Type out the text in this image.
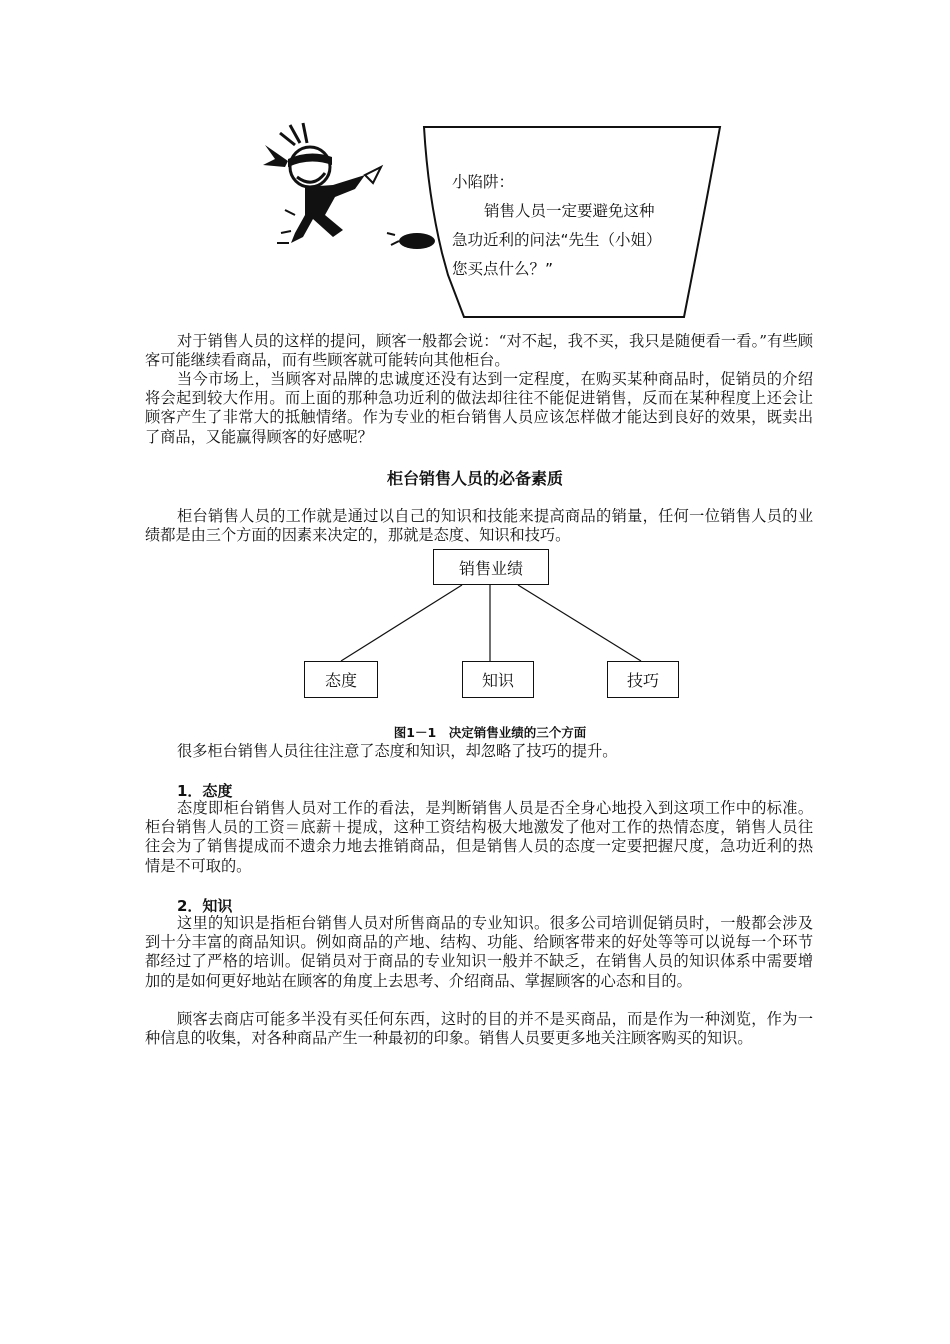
小陷阱：

销售人员一定要避免这种急功近利的问法“先生（小姐）您买点什么？”

对于销售人员的这样的提问，顾客一般都会说：“对不起，我不买，我只是随便看一看。”有些顾客可能继续看商品，而有些顾客就可能转向其他柜台。

当今市场上，当顾客对品牌的忠诚度还没有达到一定程度，在购买某种商品时，促销员的介绍将会起到较大作用。而上面的那种急功近利的做法却往往不能促进销售，反而在某种程度上还会让顾客产生了非常大的抵触情绪。作为专业的柜台销售人员应该怎样做才能达到良好的效果，既卖出了商品，又能赢得顾客的好感呢？

柜台销售人员的必备素质

柜台销售人员的工作就是通过以自己的知识和技能来提高商品的销量，任何一位销售人员的业绩都是由三个方面的因素来决定的，那就是态度、知识和技巧。

销售业绩
态度	知识	技巧
图1－1　决定销售业绩的三个方面

很多柜台销售人员往往注意了态度和知识，却忽略了技巧的提升。

1．态度

态度即柜台销售人员对工作的看法，是判断销售人员是否全身心地投入到这项工作中的标准。柜台销售人员的工资＝底薪＋提成，这种工资结构极大地激发了他对工作的热情态度，销售人员往往会为了销售提成而不遗余力地去推销商品，但是销售人员的态度一定要把握尺度，急功近利的热情是不可取的。

2．知识

这里的知识是指柜台销售人员对所售商品的专业知识。很多公司培训促销员时，一般都会涉及到十分丰富的商品知识。例如商品的产地、结构、功能、给顾客带来的好处等等可以说每一个环节都经过了严格的培训。促销员对于商品的专业知识一般并不缺乏，在销售人员的知识体系中需要增加的是如何更好地站在顾客的角度上去思考、介绍商品、掌握顾客的心态和目的。

顾客去商店可能多半没有买任何东西，这时的目的并不是买商品，而是作为一种浏览，作为一种信息的收集，对各种商品产生一种最初的印象。销售人员要更多地关注顾客购买的知识。
